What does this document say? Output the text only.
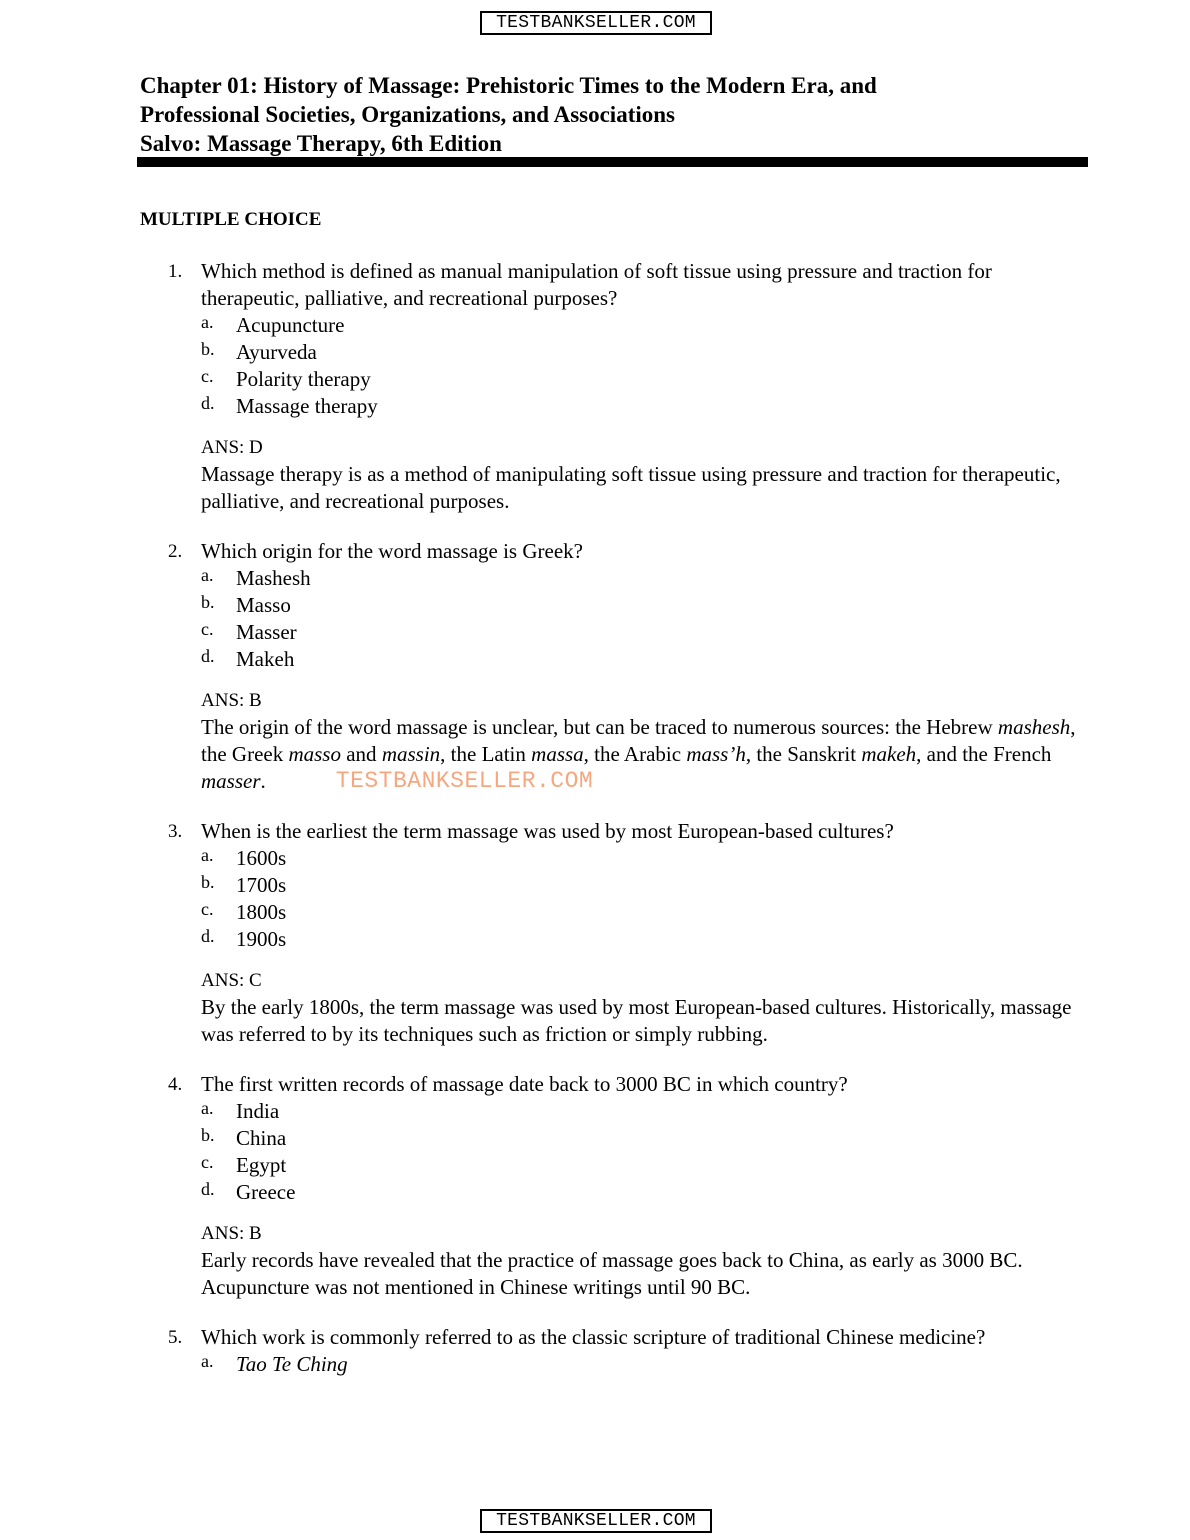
TESTBANKSELLER.COM
Chapter 01: History of Massage: Prehistoric Times to the Modern Era, and
Professional Societies, Organizations, and Associations
Salvo: Massage Therapy, 6th Edition
MULTIPLE CHOICE
1. Which method is defined as manual manipulation of soft tissue using pressure and traction for therapeutic, palliative, and recreational purposes?
a. Acupuncture
b. Ayurveda
c. Polarity therapy
d. Massage therapy
ANS: D
Massage therapy is as a method of manipulating soft tissue using pressure and traction for therapeutic, palliative, and recreational purposes.
2. Which origin for the word massage is Greek?
a. Mashesh
b. Masso
c. Masser
d. Makeh
ANS: B
The origin of the word massage is unclear, but can be traced to numerous sources: the Hebrew mashesh, the Greek masso and massin, the Latin massa, the Arabic mass’h, the Sanskrit makeh, and the French masser.	TESTBANKSELLER.COM
3. When is the earliest the term massage was used by most European-based cultures?
a. 1600s
b. 1700s
c. 1800s
d. 1900s
ANS: C
By the early 1800s, the term massage was used by most European-based cultures. Historically, massage was referred to by its techniques such as friction or simply rubbing.
4. The first written records of massage date back to 3000 BC in which country?
a. India
b. China
c. Egypt
d. Greece
ANS: B
Early records have revealed that the practice of massage goes back to China, as early as 3000 BC. Acupuncture was not mentioned in Chinese writings until 90 BC.
5. Which work is commonly referred to as the classic scripture of traditional Chinese medicine?
a. Tao Te Ching
TESTBANKSELLER.COM
